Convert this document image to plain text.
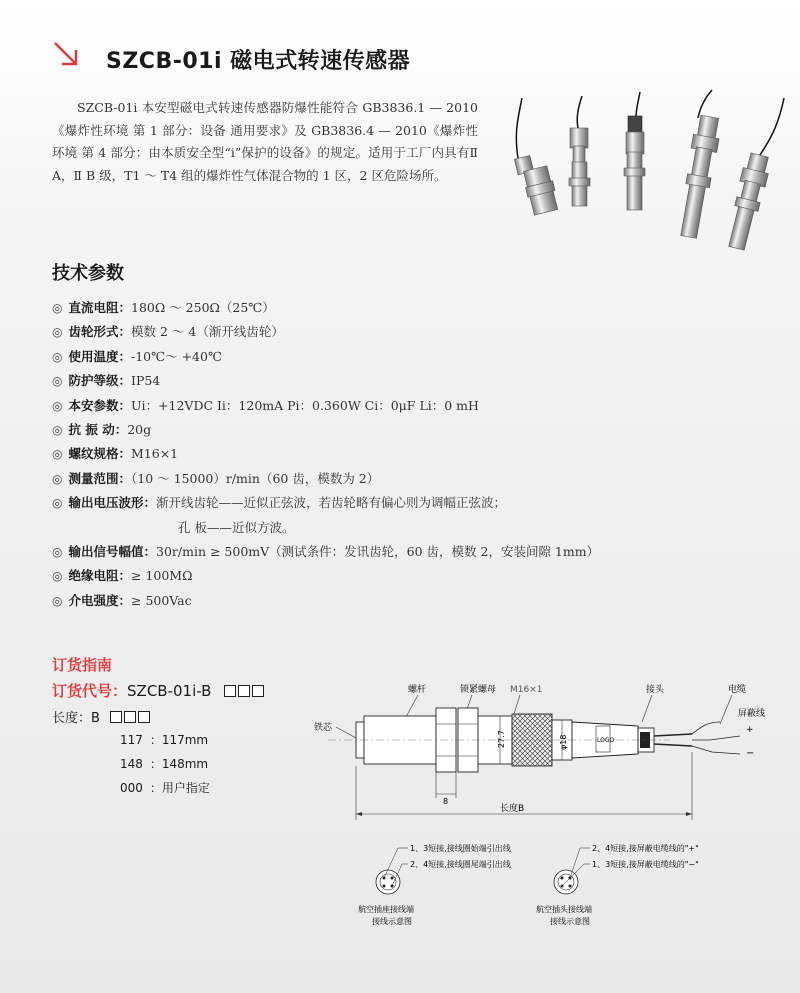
SZCB-01i 磁电式转速传感器
SZCB-01i 本安型磁电式转速传感器防爆性能符合 GB3836.1 — 2010《爆炸性环境 第 1 部分：设备 通用要求》及 GB3836.4 — 2010《爆炸性环境 第 4 部分：由本质安全型“i”保护的设备》的规定。适用于工厂内具有Ⅱ A，Ⅱ B 级，T1 ～ T4 组的爆炸性气体混合物的 1 区，2 区危险场所。
技术参数
◎ 直流电阻：180Ω ～ 250Ω（25℃）
◎ 齿轮形式：模数 2 ～ 4（渐开线齿轮）
◎ 使用温度：-10℃～ +40℃
◎ 防护等级：IP54
◎ 本安参数：Ui：+12VDC Ii：120mA Pi：0.360W Ci：0μF Li：0 mH
◎ 抗 振 动：20g
◎ 螺纹规格：M16×1
◎ 测量范围：（10 ～ 15000）r/min（60 齿，模数为 2）
◎ 输出电压波形：渐开线齿轮——近似正弦波，若齿轮略有偏心则为调幅正弦波；
孔 板——近似方波。
◎ 输出信号幅值：30r/min ≥ 500mV（测试条件：发讯齿轮，60 齿，模数 2，安装间隙 1mm）
◎ 绝缘电阻：≥ 100MΩ
◎ 介电强度：≥ 500Vac
订货指南
订货代号：SZCB-01i-B
长度：B
117 ：117mm
148 ：148mm
000 ：用户指定
铁芯
螺杆	锁紧螺母 M16×1	接头	电缆
屏蔽线
+
−
LOGO
27.7	φ18
8
长度B
1、3短接,接线圈始端引出线
2、4短接,接线圈尾端引出线
航空插座接线端
接线示意图
2、4短接,接屏蔽电缆线的"+"
1、3短接,接屏蔽电缆线的"−"
航空插头接线端
接线示意图
